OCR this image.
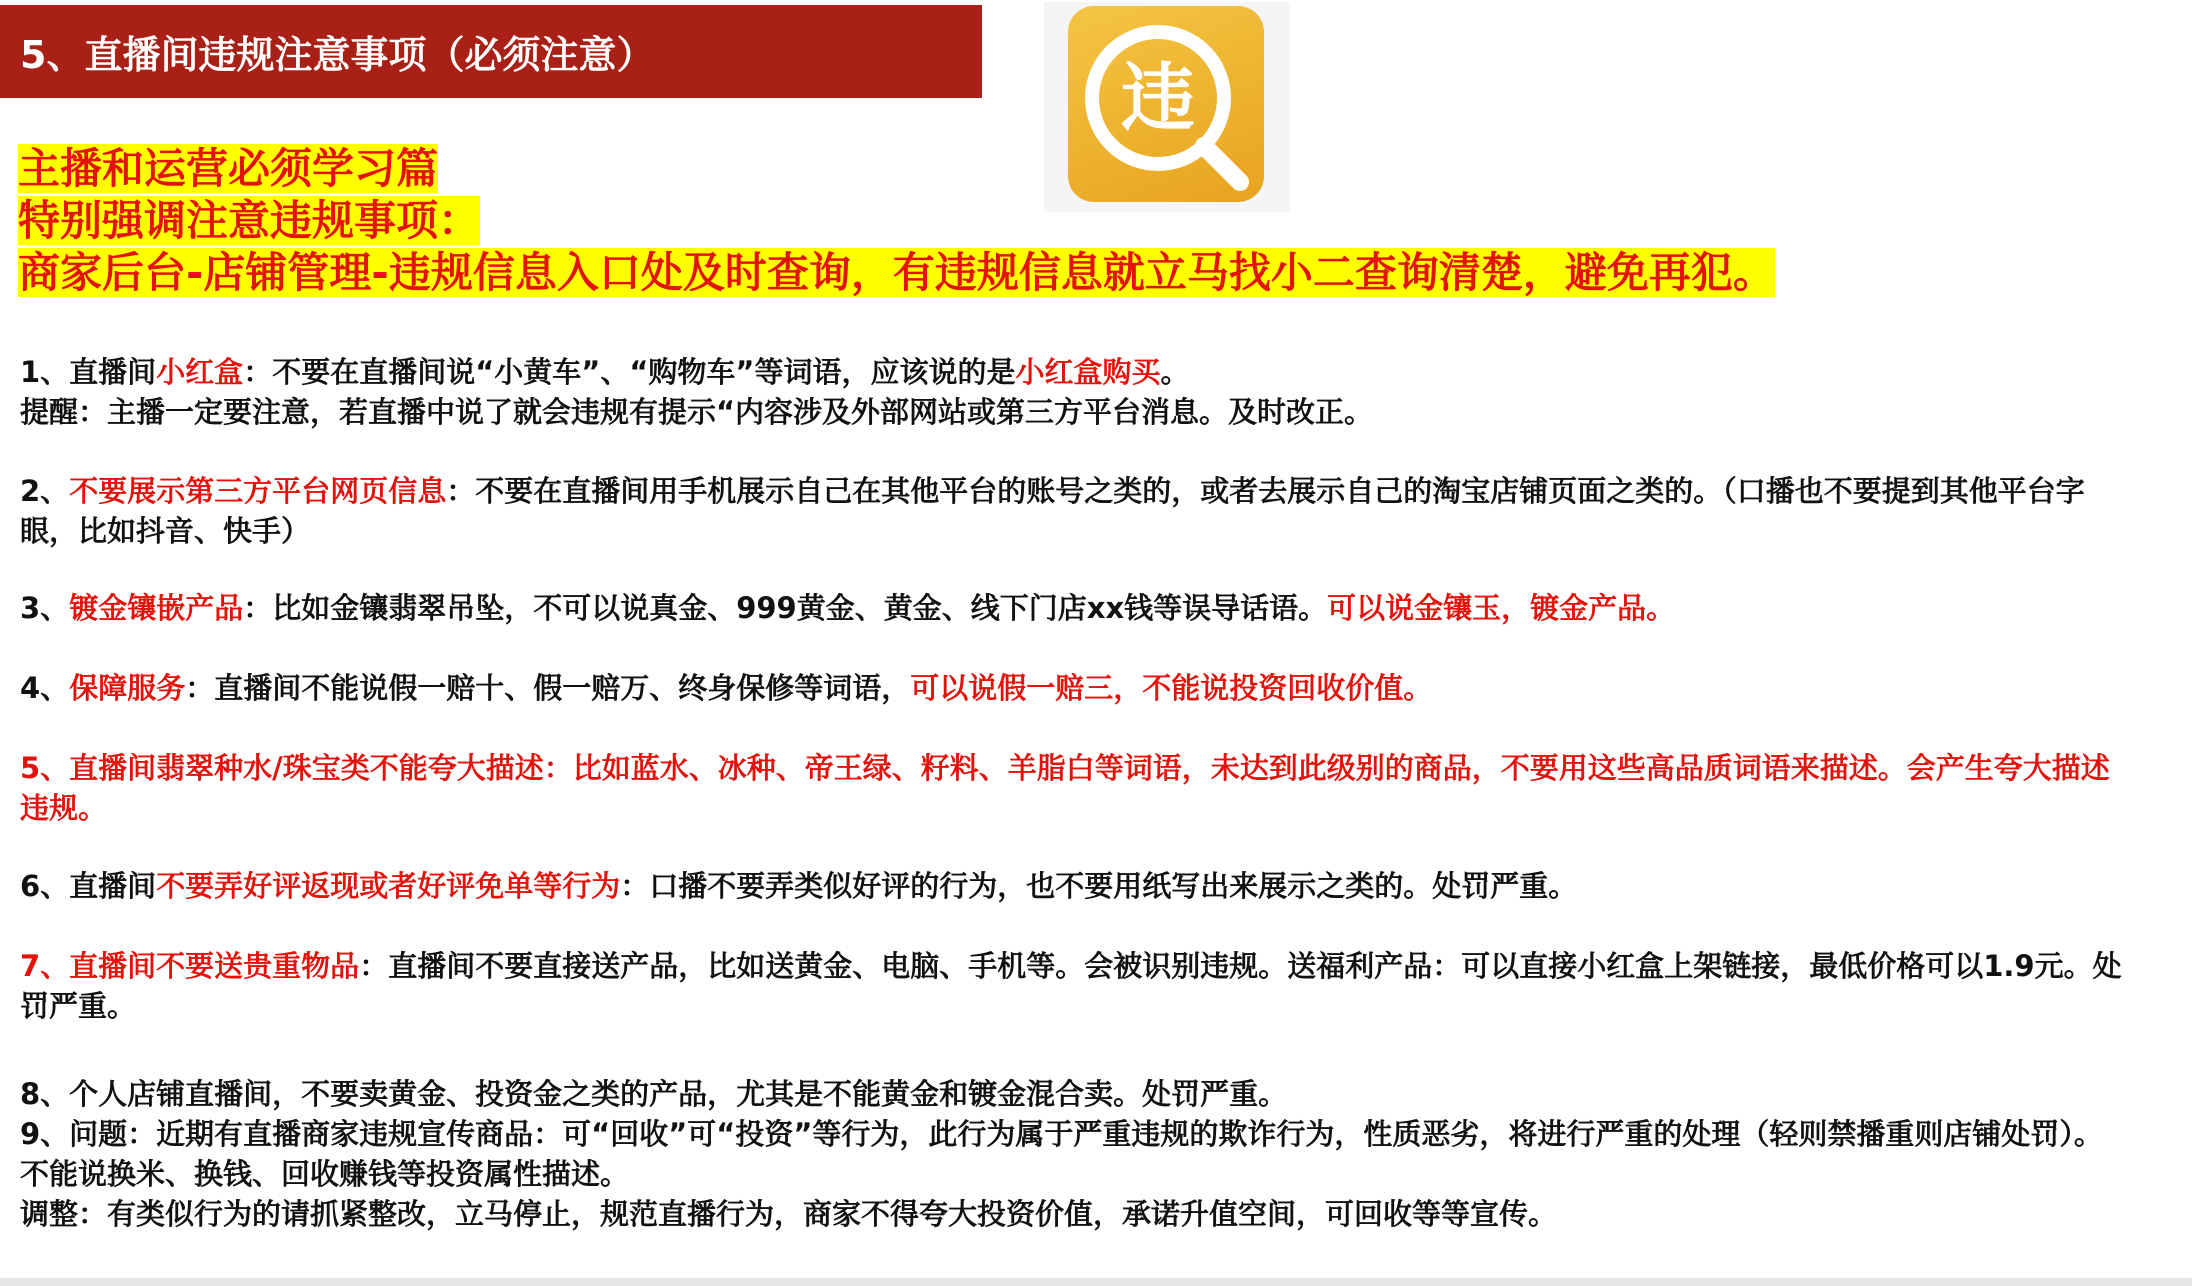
5、直播间违规注意事项（必须注意）	违
主播和运营必须学习篇
特别强调注意违规事项：
商家后台-店铺管理-违规信息入口处及时查询，有违规信息就立马找小二查询清楚，避免再犯。

1、直播间小红盒：不要在直播间说“小黄车”、“购物车”等词语，应该说的是小红盒购买。

提醒：主播一定要注意，若直播中说了就会违规有提示“内容涉及外部网站或第三方平台消息。及时改正。

2、不要展示第三方平台网页信息：不要在直播间用手机展示自己在其他平台的账号之类的，或者去展示自己的淘宝店铺页面之类的。（口播也不要提到其他平台字眼，比如抖音、快手）

3、镀金镶嵌产品：比如金镶翡翠吊坠，不可以说真金、999黄金、黄金、线下门店xx钱等误导话语。可以说金镶玉，镀金产品。

4、保障服务：直播间不能说假一赔十、假一赔万、终身保修等词语，可以说假一赔三，不能说投资回收价值。

5、直播间翡翠种水/珠宝类不能夸大描述：比如蓝水、冰种、帝王绿、籽料、羊脂白等词语，未达到此级别的商品，不要用这些高品质词语来描述。会产生夸大描述违规。

6、直播间不要弄好评返现或者好评免单等行为：口播不要弄类似好评的行为，也不要用纸写出来展示之类的。处罚严重。

7、直播间不要送贵重物品：直播间不要直接送产品，比如送黄金、电脑、手机等。会被识别违规。送福利产品：可以直接小红盒上架链接，最低价格可以1.9元。处罚严重。

8、个人店铺直播间，不要卖黄金、投资金之类的产品，尤其是不能黄金和镀金混合卖。处罚严重。

9、问题：近期有直播商家违规宣传商品：可“回收”可“投资”等行为，此行为属于严重违规的欺诈行为，性质恶劣，将进行严重的处理（轻则禁播重则店铺处罚）。不能说换米、换钱、回收赚钱等投资属性描述。

调整：有类似行为的请抓紧整改，立马停止，规范直播行为，商家不得夸大投资价值，承诺升值空间，可回收等等宣传。
